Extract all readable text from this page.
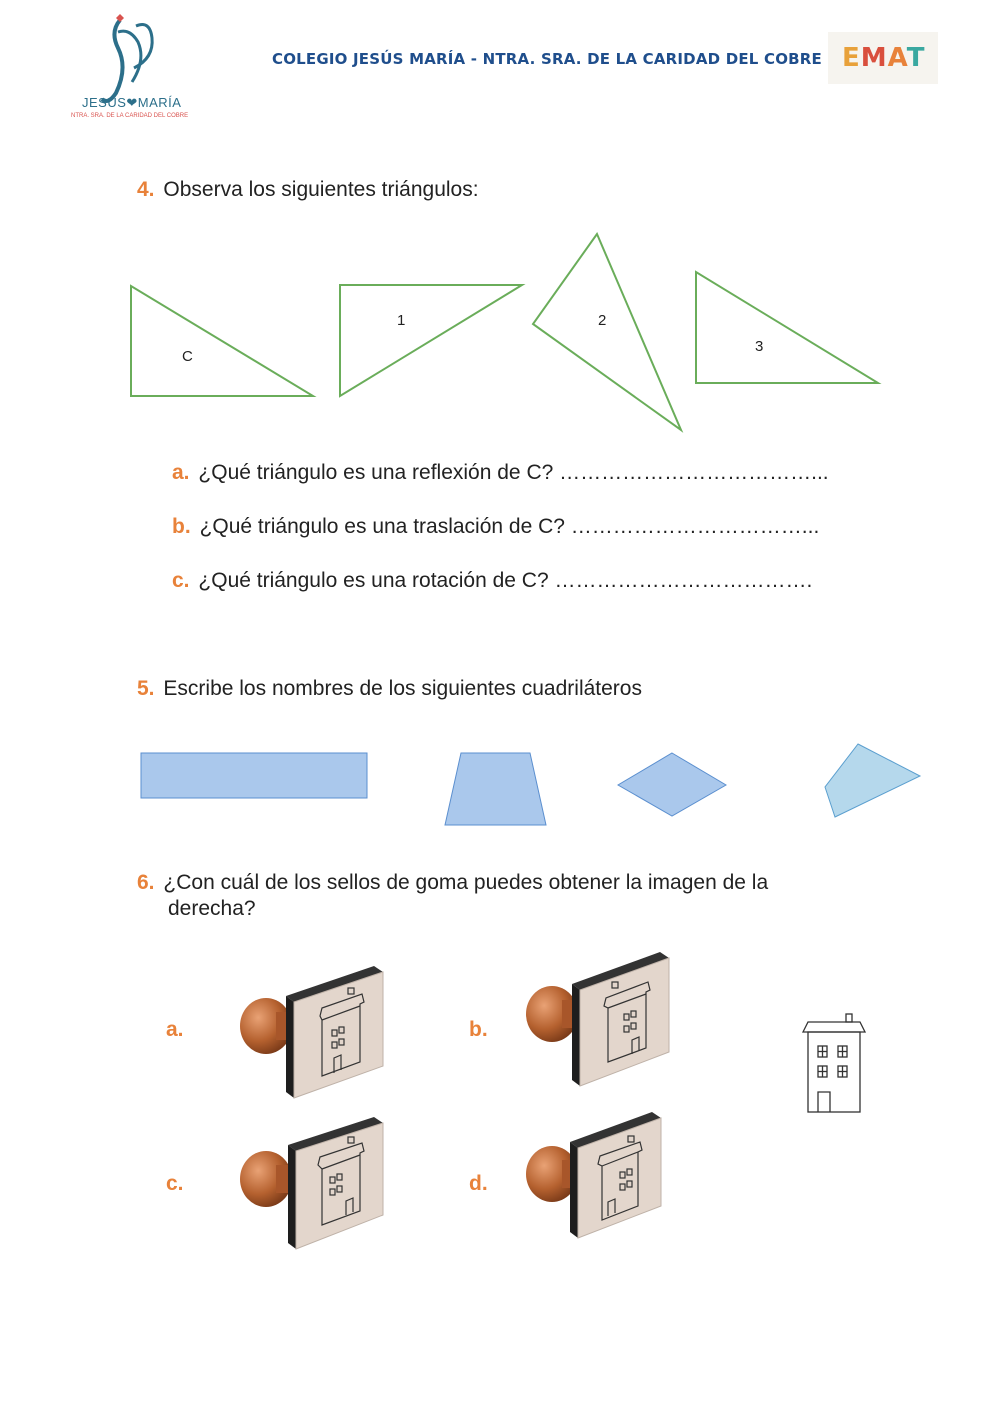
JESÚS❤MARÍA
NTRA. SRA. DE LA CARIDAD DEL COBRE
COLEGIO JESÚS MARÍA - NTRA. SRA. DE LA CARIDAD DEL COBRE EMAT
4. Observa los siguientes triángulos:
C
1	2
3
a. ¿Qué triángulo es una reflexión de C? ………………………………...
b. ¿Qué triángulo es una traslación de C? ……………………………...
c. ¿Qué triángulo es una rotación de C? ……………………………….
5. Escribe los nombres de los siguientes cuadriláteros
6. ¿Con cuál de los sellos de goma puedes obtener la imagen de la
derecha?
a.	b.
c.	d.
